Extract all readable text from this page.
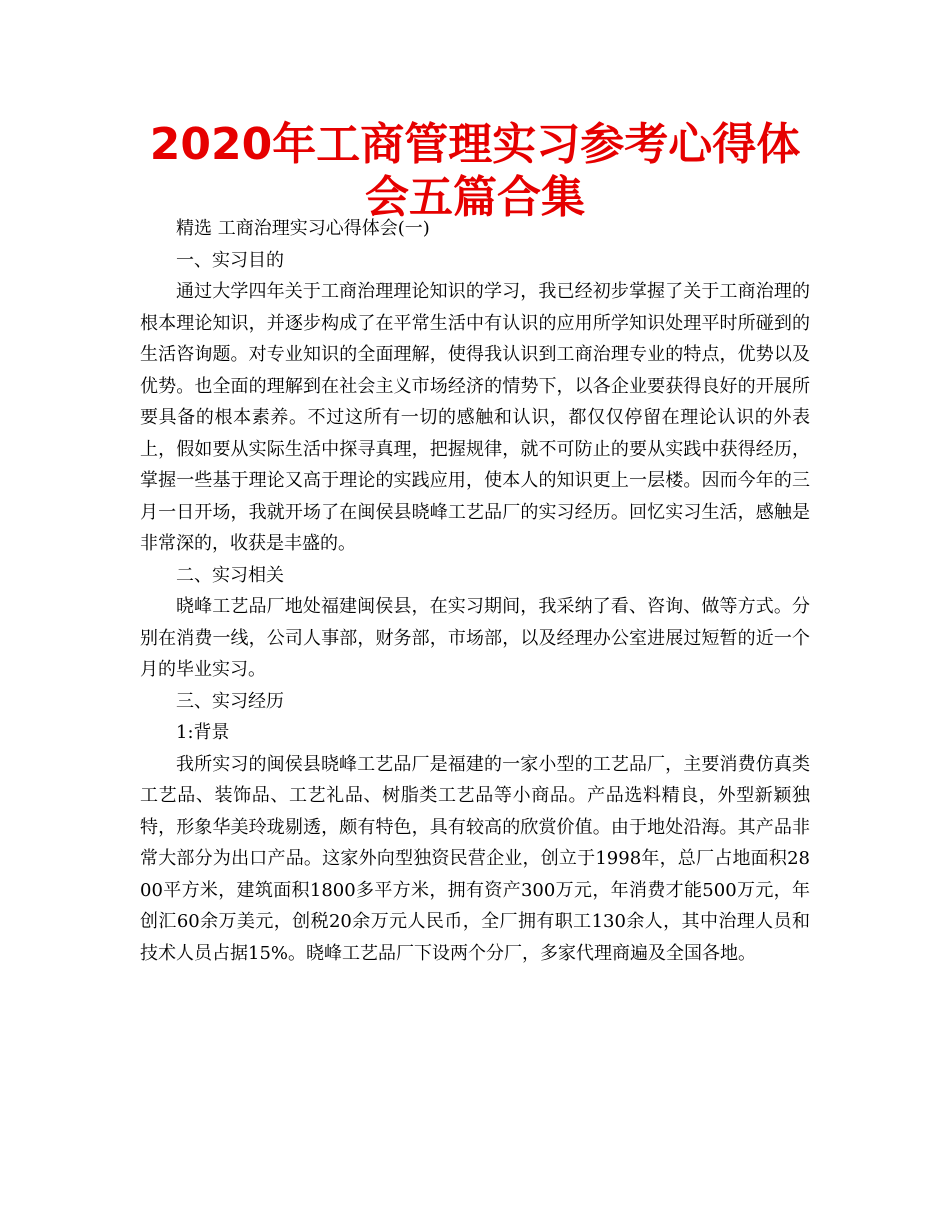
2020年工商管理实习参考心得体会五篇合集

精选 工商治理实习心得体会(一)

一、实习目的

通过大学四年关于工商治理理论知识的学习，我已经初步掌握了关于工商治理的根本理论知识，并逐步构成了在平常生活中有认识的应用所学知识处理平时所碰到的生活咨询题。对专业知识的全面理解，使得我认识到工商治理专业的特点，优势以及优势。也全面的理解到在社会主义市场经济的情势下，以各企业要获得良好的开展所要具备的根本素养。不过这所有一切的感触和认识，都仅仅停留在理论认识的外表上，假如要从实际生活中探寻真理，把握规律，就不可防止的要从实践中获得经历，掌握一些基于理论又高于理论的实践应用，使本人的知识更上一层楼。因而今年的三月一日开场，我就开场了在闽侯县晓峰工艺品厂的实习经历。回忆实习生活，感触是非常深的，收获是丰盛的。

二、实习相关

晓峰工艺品厂地处福建闽侯县，在实习期间，我采纳了看、咨询、做等方式。分别在消费一线，公司人事部，财务部，市场部，以及经理办公室进展过短暂的近一个月的毕业实习。

三、实习经历

1:背景

我所实习的闽侯县晓峰工艺品厂是福建的一家小型的工艺品厂，主要消费仿真类工艺品、装饰品、工艺礼品、树脂类工艺品等小商品。产品选料精良，外型新颖独特，形象华美玲珑剔透，颇有特色，具有较高的欣赏价值。由于地处沿海。其产品非常大部分为出口产品。这家外向型独资民营企业，创立于1998年，总厂占地面积2800平方米，建筑面积1800多平方米，拥有资产300万元，年消费才能500万元，年创汇60余万美元，创税20余万元人民币，全厂拥有职工130余人，其中治理人员和技术人员占据15%。晓峰工艺品厂下设两个分厂，多家代理商遍及全国各地。
